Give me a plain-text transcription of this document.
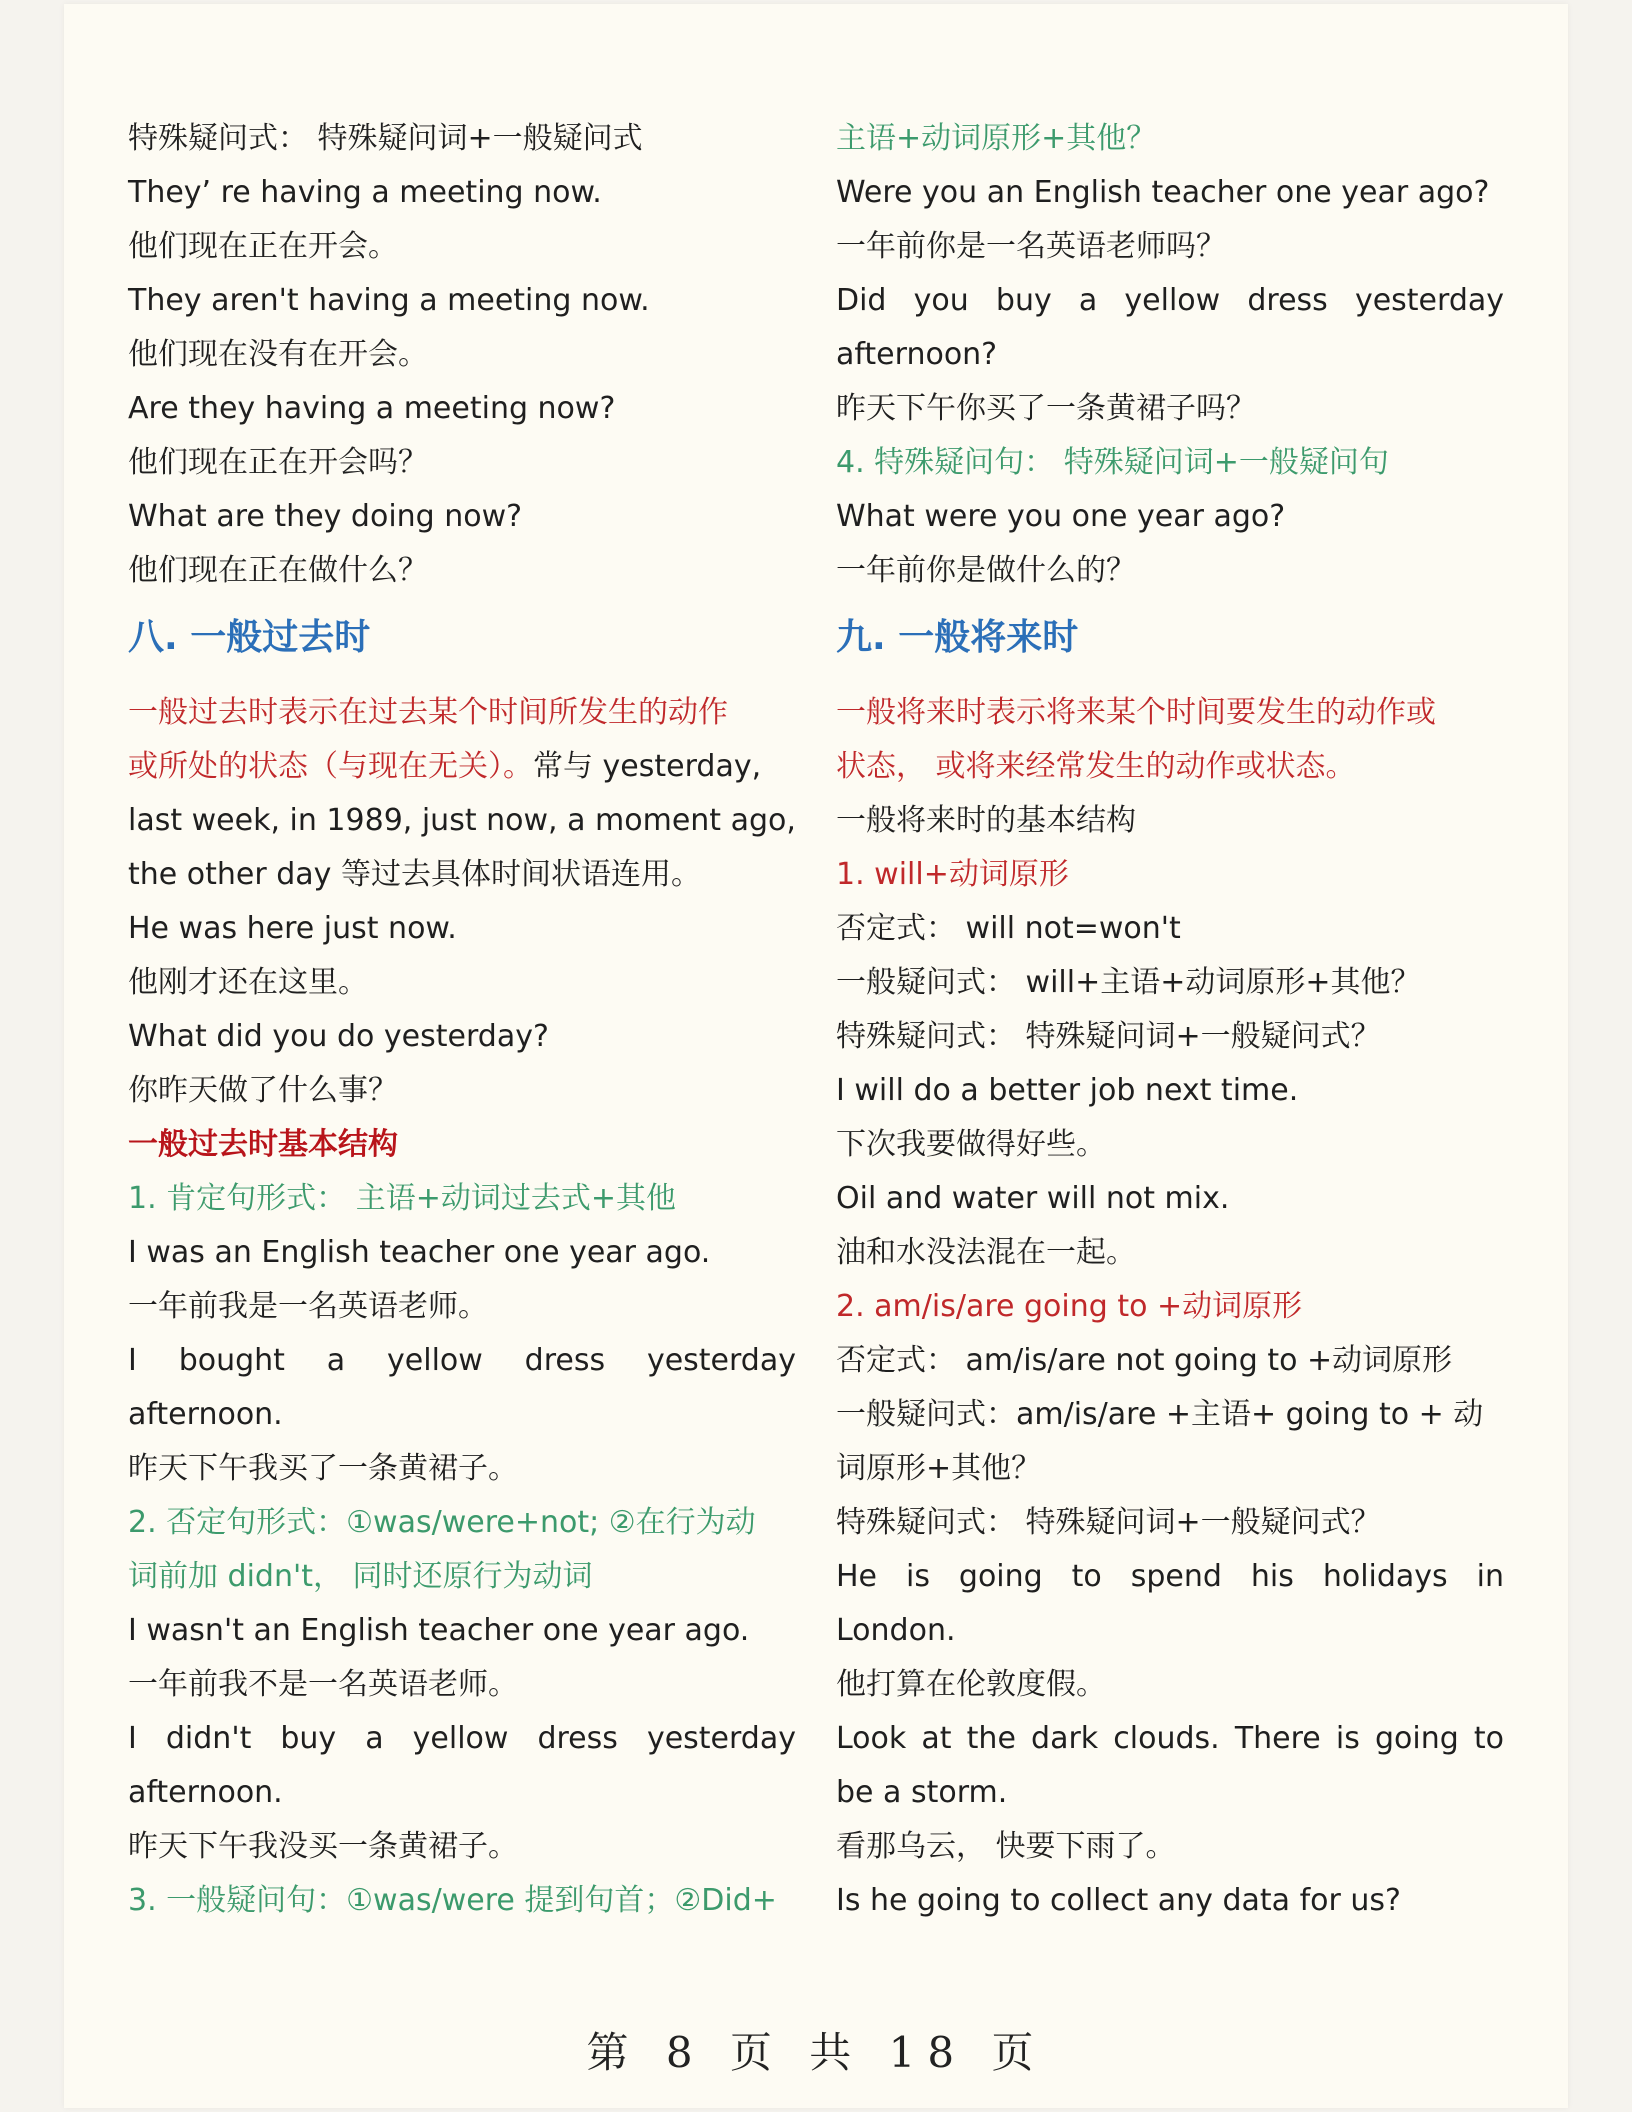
特殊疑问式： 特殊疑问词+一般疑问式
They’ re having a meeting now.
他们现在正在开会。
They aren't having a meeting now.
他们现在没有在开会。
Are they having a meeting now?
他们现在正在开会吗？
What are they doing now?
他们现在正在做什么？
八. 一般过去时
一般过去时表示在过去某个时间所发生的动作
或所处的状态（与现在无关）。常与 yesterday,
last week, in 1989, just now, a moment ago,
the other day 等过去具体时间状语连用。
He was here just now.
他刚才还在这里。
What did you do yesterday?
你昨天做了什么事？
一般过去时基本结构
1. 肯定句形式： 主语+动词过去式+其他
I was an English teacher one year ago.
一年前我是一名英语老师。
I bought a yellow dress yesterday
afternoon.
昨天下午我买了一条黄裙子。
2. 否定句形式：①was/were+not; ②在行为动
词前加 didn't， 同时还原行为动词
I wasn't an English teacher one year ago.
一年前我不是一名英语老师。
I didn't buy a yellow dress yesterday
afternoon.
昨天下午我没买一条黄裙子。
3. 一般疑问句：①was/were 提到句首；②Did+
主语+动词原形+其他？
Were you an English teacher one year ago?
一年前你是一名英语老师吗？
Did you buy a yellow dress yesterday
afternoon?
昨天下午你买了一条黄裙子吗？
4. 特殊疑问句： 特殊疑问词+一般疑问句
What were you one year ago?
一年前你是做什么的？
九. 一般将来时
一般将来时表示将来某个时间要发生的动作或
状态， 或将来经常发生的动作或状态。
一般将来时的基本结构
1. will+动词原形
否定式： will not=won't
一般疑问式： will+主语+动词原形+其他？
特殊疑问式： 特殊疑问词+一般疑问式？
I will do a better job next time.
下次我要做得好些。
Oil and water will not mix.
油和水没法混在一起。
2. am/is/are going to +动词原形
否定式： am/is/are not going to +动词原形
一般疑问式：am/is/are +主语+ going to + 动
词原形+其他？
特殊疑问式： 特殊疑问词+一般疑问式？
He is going to spend his holidays in
London.
他打算在伦敦度假。
Look at the dark clouds. There is going to
be a storm.
看那乌云， 快要下雨了。
Is he going to collect any data for us?
第 8 页 共 18 页
